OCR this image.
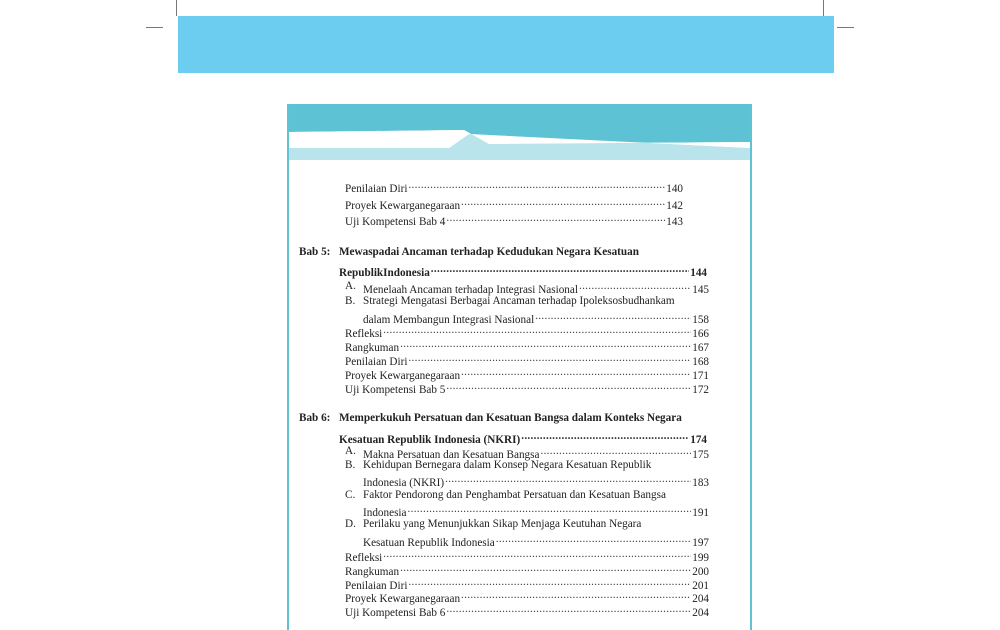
Penilaian Diri .....	140
Proyek Kewarganegaraan .....	142
Uji Kompetensi Bab 4 .....	143
Bab 5: Mewaspadai Ancaman terhadap Kedudukan Negara Kesatuan
RepublikIndonesia .....	144
A. Menelaah Ancaman terhadap Integrasi Nasional .....	145
B. Strategi Mengatasi Berbagai Ancaman terhadap Ipoleksosbudhankam
dalam Membangun Integrasi Nasional .....	158
Refleksi .....	166
Rangkuman .....	167
Penilaian Diri .....	168
Proyek Kewarganegaraan .....	171
Uji Kompetensi Bab 5 .....	172
Bab 6: Memperkukuh Persatuan dan Kesatuan Bangsa dalam Konteks Negara
Kesatuan Republik Indonesia (NKRI) .....	174
A. Makna Persatuan dan Kesatuan Bangsa .....	175
B. Kehidupan Bernegara dalam Konsep Negara Kesatuan Republik
Indonesia (NKRI) .....	183
C. Faktor Pendorong dan Penghambat Persatuan dan Kesatuan Bangsa
Indonesia .....	191
D. Perilaku yang Menunjukkan Sikap Menjaga Keutuhan Negara
Kesatuan Republik Indonesia .....	197
Refleksi .....	199
Rangkuman .....	200
Penilaian Diri .....	201
Proyek Kewarganegaraan .....	204
Uji Kompetensi Bab 6 .....	204
